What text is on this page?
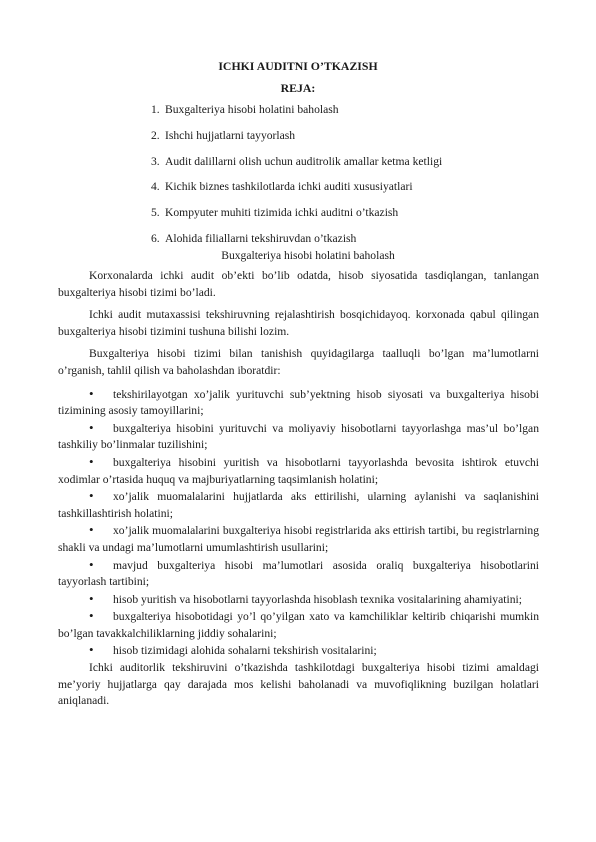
ICHKI AUDITNI O’TKAZISH
REJA:
1. Buxgalteriya hisobi holatini baholash
2. Ishchi hujjatlarni tayyorlash
3. Audit dalillarni olish uchun auditrolik amallar ketma ketligi
4. Kichik biznes tashkilotlarda ichki auditi xususiyatlari
5. Kompyuter muhiti tizimida ichki auditni o’tkazish
6. Alohida filiallarni tekshiruvdan o’tkazish
Buxgalteriya hisobi holatini baholash

Korxonalarda ichki audit ob’ekti bo’lib odatda, hisob siyosatida tasdiqlangan, tanlangan buxgalteriya hisobi tizimi bo’ladi.

Ichki audit mutaxassisi tekshiruvning rejalashtirish bosqichidayoq. korxonada qabul qilingan buxgalteriya hisobi tizimini tushuna bilishi lozim.

Buxgalteriya hisobi tizimi bilan tanishish quyidagilarga taalluqli bo’lgan ma’lumotlarni o’rganish, tahlil qilish va baholashdan iboratdir:

• tekshirilayotgan xo’jalik yurituvchi sub’yektning hisob siyosati va buxgalteriya hisobi tizimining asosiy tamoyillarini;

• buxgalteriya hisobini yurituvchi va moliyaviy hisobotlarni tayyorlashga mas’ul bo’lgan tashkiliy bo’linmalar tuzilishini;

• buxgalteriya hisobini yuritish va hisobotlarni tayyorlashda bevosita ishtirok etuvchi xodimlar o’rtasida huquq va majburiyatlarning taqsimlanish holatini;

• xo’jalik muomalalarini hujjatlarda aks ettirilishi, ularning aylanishi va saqlanishini tashkillashtirish holatini;

• xo’jalik muomalalarini buxgalteriya hisobi registrlarida aks ettirish tartibi, bu registrlarning shakli va undagi ma’lumotlarni umumlashtirish usullarini;

• mavjud buxgalteriya hisobi ma’lumotlari asosida oraliq buxgalteriya hisobotlarini tayyorlash tartibini;

• hisob yuritish va hisobotlarni tayyorlashda hisoblash texnika vositalarining ahamiyatini;

• buxgalteriya hisobotidagi yo’l qo’yilgan xato va kamchiliklar keltirib chiqarishi mumkin bo’lgan tavakkalchiliklarning jiddiy sohalarini;

• hisob tizimidagi alohida sohalarni tekshirish vositalarini;

Ichki auditorlik tekshiruvini o’tkazishda tashkilotdagi buxgalteriya hisobi tizimi amaldagi me’yoriy hujjatlarga qay darajada mos kelishi baholanadi va muvofiqlikning buzilgan holatlari aniqlanadi.
